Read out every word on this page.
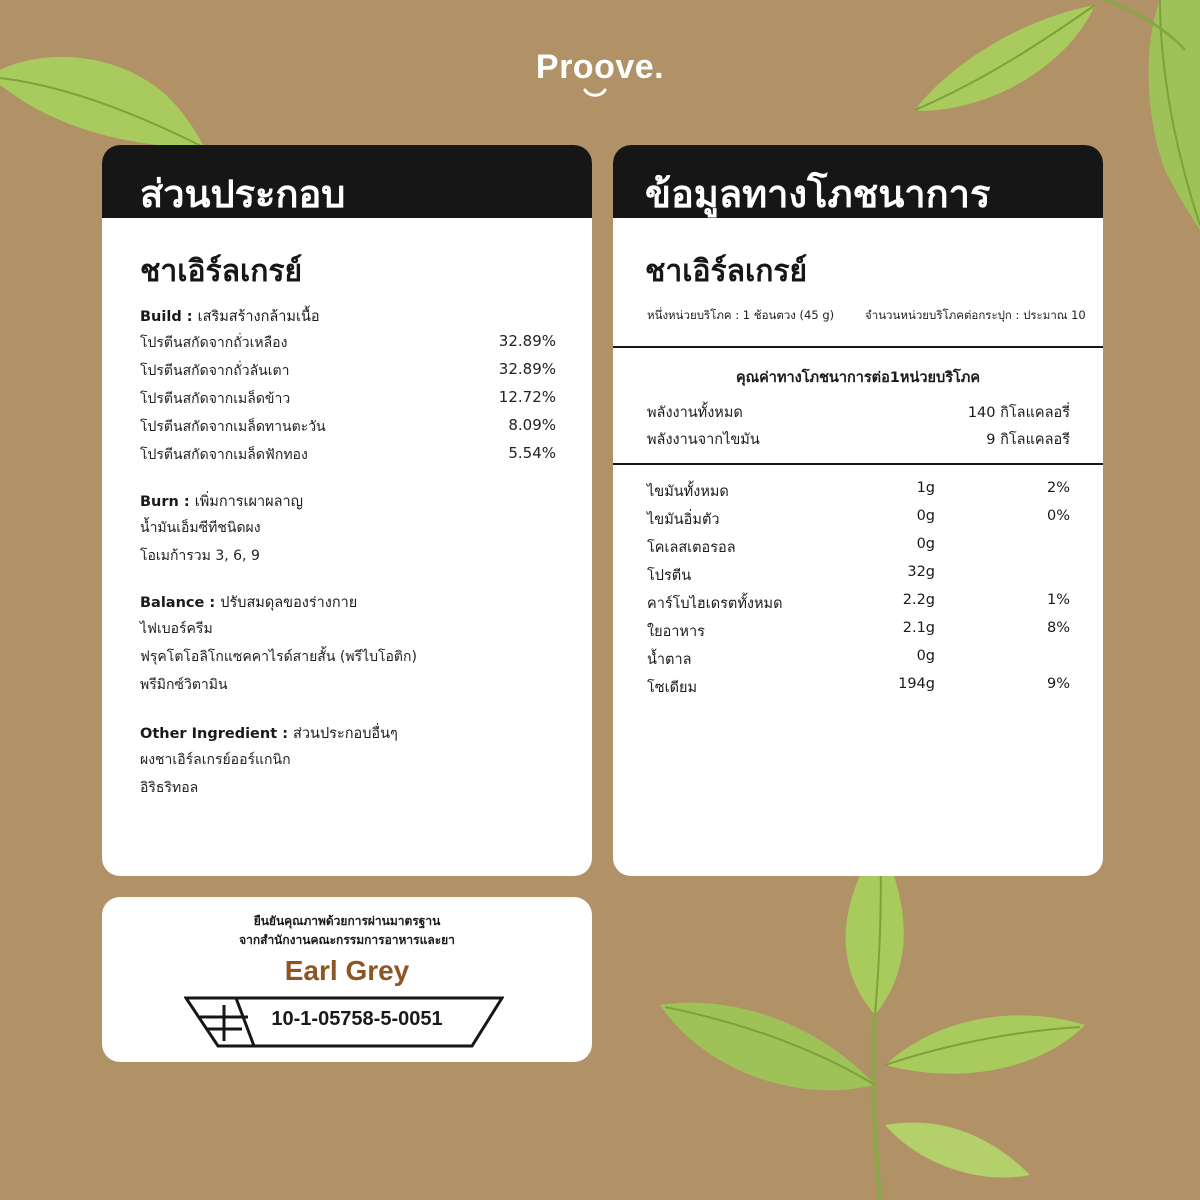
Proove.
ส่วนประกอบ
ชาเอิร์ลเกรย์
Build : เสริมสร้างกล้ามเนื้อ
โปรตีนสกัดจากถั่วเหลือง	32.89%
โปรตีนสกัดจากถั่วลันเตา	32.89%
โปรตีนสกัดจากเมล็ดข้าว	12.72%
โปรตีนสกัดจากเมล็ดทานตะวัน	8.09%
โปรตีนสกัดจากเมล็ดฟักทอง	5.54%
Burn : เพิ่มการเผาผลาญ
น้ำมันเอ็มซีทีชนิดผง
โอเมก้ารวม 3, 6, 9
Balance : ปรับสมดุลของร่างกาย
ไฟเบอร์ครีม
ฟรุคโตโอลิโกแซคคาไรด์สายสั้น (พรีไบโอติก)
พรีมิกซ์วิตามิน
Other Ingredient : ส่วนประกอบอื่นๆ
ผงชาเอิร์ลเกรย์ออร์แกนิก
อิริธริทอล
ข้อมูลทางโภชนาการ
ชาเอิร์ลเกรย์
หนึ่งหน่วยบริโภค : 1 ช้อนตวง (45 g)	จำนวนหน่วยบริโภคต่อกระปุก : ประมาณ 10
คุณค่าทางโภชนาการต่อ1หน่วยบริโภค
พลังงานทั้งหมด	140 กิโลแคลอรี่
พลังงานจากไขมัน	9 กิโลแคลอรี
ไขมันทั้งหมด	1g	2%
ไขมันอิ่มตัว	0g	0%
โคเลสเตอรอล	0g
โปรตีน	32g
คาร์โบไฮเดรตทั้งหมด	2.2g	1%
ใยอาหาร	2.1g	8%
น้ำตาล	0g
โซเดียม	194g	9%
ยืนยันคุณภาพด้วยการผ่านมาตรฐาน
จากสำนักงานคณะกรรมการอาหารและยา
Earl Grey
10-1-05758-5-0051
